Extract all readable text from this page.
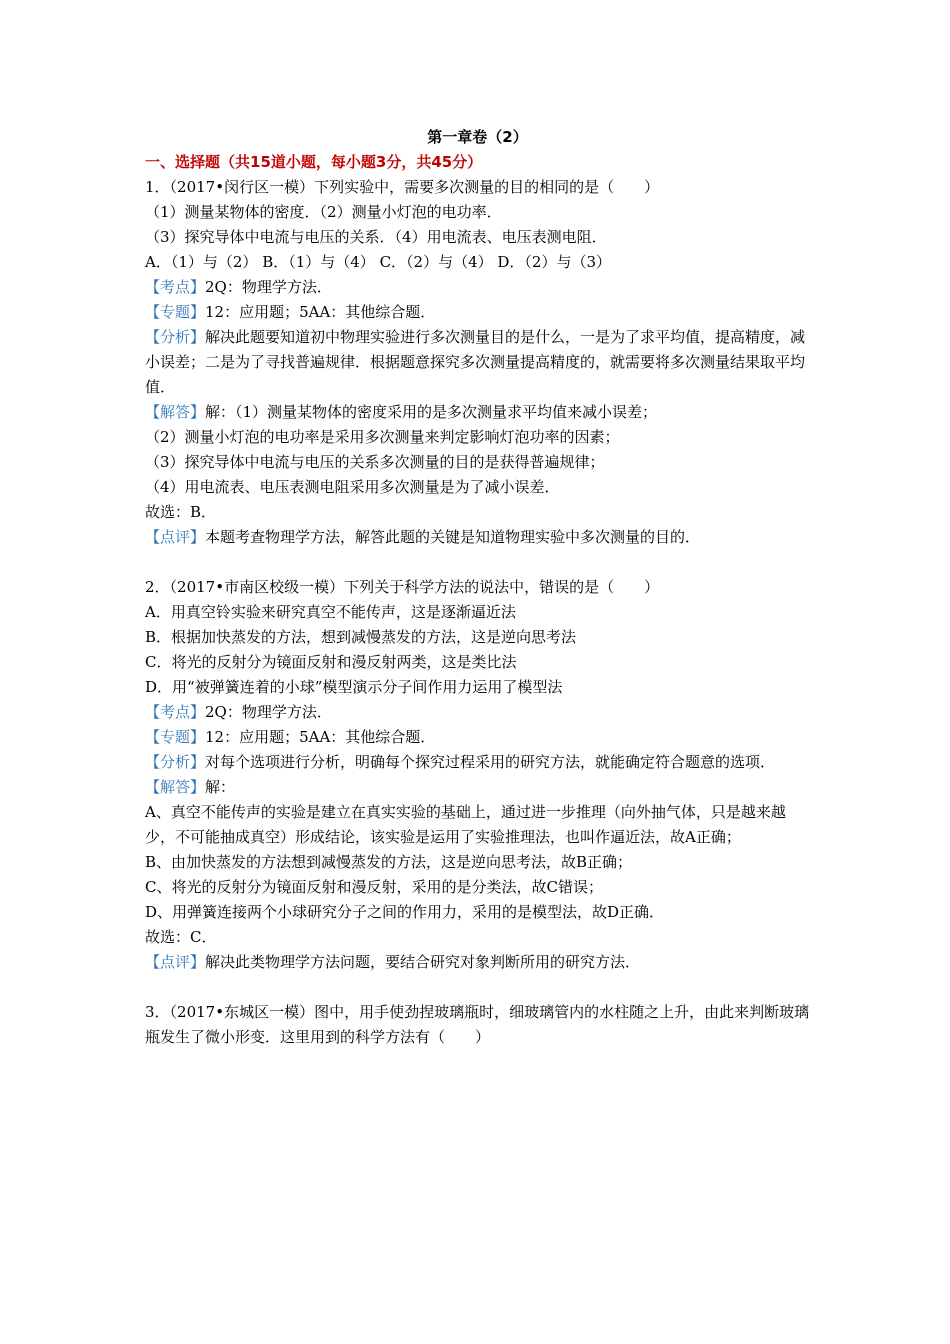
第一章卷（2）
一、选择题（共15道小题，每小题3分，共45分）
1．（2017•闵行区一模）下列实验中，需要多次测量的目的相同的是（　　）
（1）测量某物体的密度．（2）测量小灯泡的电功率．
（3）探究导体中电流与电压的关系．（4）用电流表、电压表测电阻．
A．（1）与（2） B．（1）与（4） C．（2）与（4） D．（2）与（3）
【考点】2Q：物理学方法．
【专题】12：应用题；5AA：其他综合题．
【分析】解决此题要知道初中物理实验进行多次测量目的是什么，一是为了求平均值，提高精度，减小误差；二是为了寻找普遍规律．根据题意探究多次测量提高精度的，就需要将多次测量结果取平均值．
【解答】解：（1）测量某物体的密度采用的是多次测量求平均值来减小误差；
（2）测量小灯泡的电功率是采用多次测量来判定影响灯泡功率的因素；
（3）探究导体中电流与电压的关系多次测量的目的是获得普遍规律；
（4）用电流表、电压表测电阻采用多次测量是为了减小误差．
故选：B．
【点评】本题考查物理学方法，解答此题的关键是知道物理实验中多次测量的目的．
2．（2017•市南区校级一模）下列关于科学方法的说法中，错误的是（　　）
A．用真空铃实验来研究真空不能传声，这是逐渐逼近法
B．根据加快蒸发的方法，想到减慢蒸发的方法，这是逆向思考法
C．将光的反射分为镜面反射和漫反射两类，这是类比法
D．用“被弹簧连着的小球”模型演示分子间作用力运用了模型法
【考点】2Q：物理学方法．
【专题】12：应用题；5AA：其他综合题．
【分析】对每个选项进行分析，明确每个探究过程采用的研究方法，就能确定符合题意的选项．
【解答】解：
A、真空不能传声的实验是建立在真实实验的基础上，通过进一步推理（向外抽气体，只是越来越少，不可能抽成真空）形成结论，该实验是运用了实验推理法，也叫作逼近法，故A正确；
B、由加快蒸发的方法想到减慢蒸发的方法，这是逆向思考法，故B正确；
C、将光的反射分为镜面反射和漫反射，采用的是分类法，故C错误；
D、用弹簧连接两个小球研究分子之间的作用力，采用的是模型法，故D正确．
故选：C．
【点评】解决此类物理学方法问题，要结合研究对象判断所用的研究方法．
3．（2017•东城区一模）图中，用手使劲捏玻璃瓶时，细玻璃管内的水柱随之上升，由此来判断玻璃瓶发生了微小形变．这里用到的科学方法有（　　）
